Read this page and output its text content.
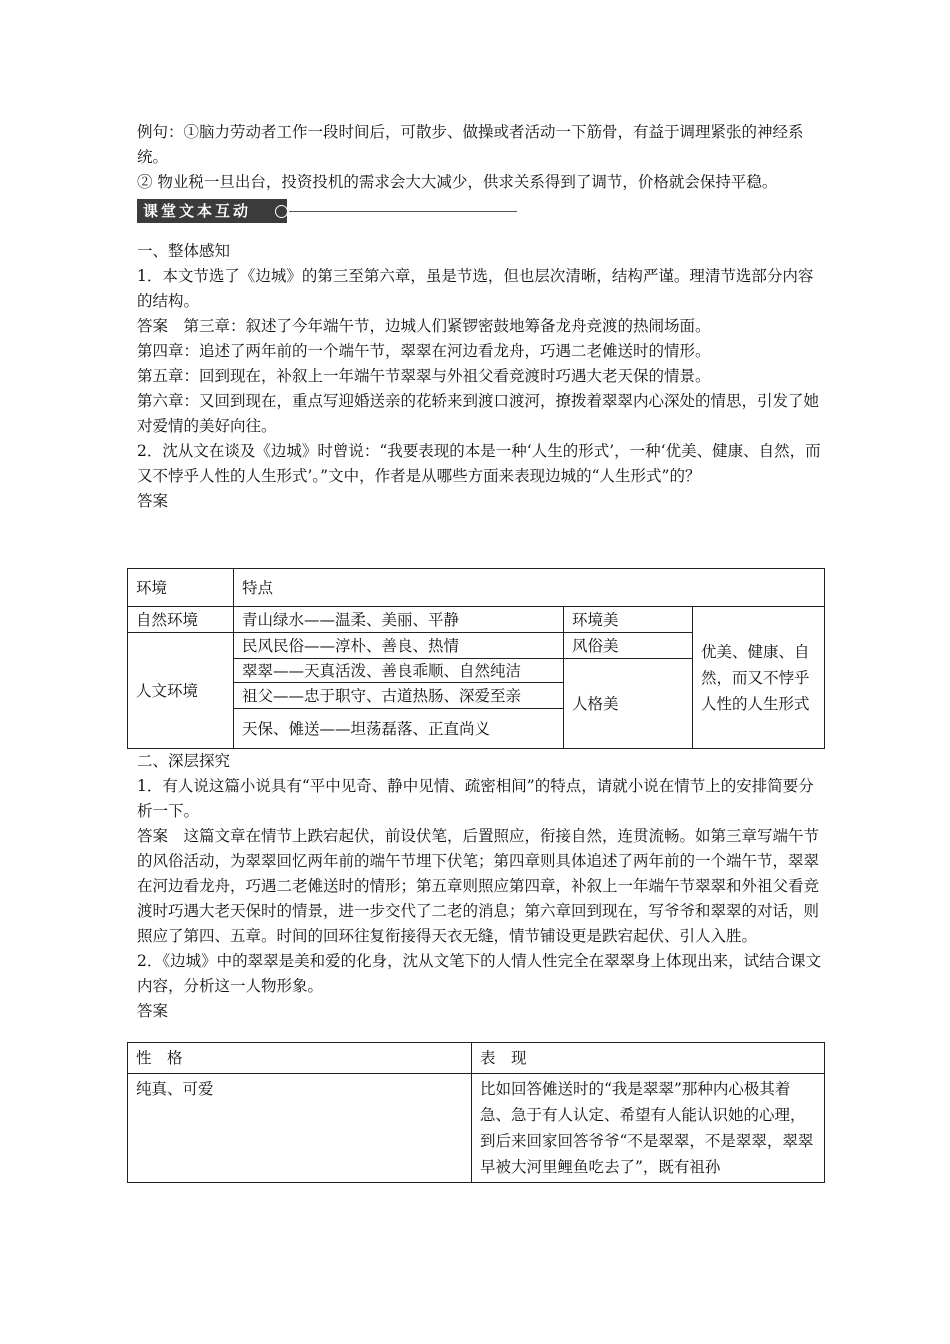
例句：①脑力劳动者工作一段时间后，可散步、做操或者活动一下筋骨，有益于调理紧张的神经系统。

② 物业税一旦出台，投资投机的需求会大大减少，供求关系得到了调节，价格就会保持平稳。

课堂文本互动

一、整体感知

1．本文节选了《边城》的第三至第六章，虽是节选，但也层次清晰，结构严谨。理清节选部分内容的结构。

答案　第三章：叙述了今年端午节，边城人们紧锣密鼓地筹备龙舟竞渡的热闹场面。

第四章：追述了两年前的一个端午节，翠翠在河边看龙舟，巧遇二老傩送时的情形。

第五章：回到现在，补叙上一年端午节翠翠与外祖父看竞渡时巧遇大老天保的情景。

第六章：又回到现在，重点写迎婚送亲的花轿来到渡口渡河，撩拨着翠翠内心深处的情思，引发了她对爱情的美好向往。

2．沈从文在谈及《边城》时曾说：“我要表现的本是一种‘人生的形式’，一种‘优美、健康、自然，而又不悖乎人性的人生形式’。”文中，作者是从哪些方面来表现边城的“人生形式”的？

答案

环境	特点		
自然环境	青山绿水——温柔、美丽、平静	环境美	优美、健康、自然，而又不悖乎人性的人生形式
人文环境	民风民俗——淳朴、善良、热情	风俗美	
	翠翠——天真活泼、善良乖顺、自然纯洁	人格美	
	祖父——忠于职守、古道热肠、深爱至亲		
	天保、傩送——坦荡磊落、正直尚义		

二、深层探究

1．有人说这篇小说具有“平中见奇、静中见情、疏密相间”的特点，请就小说在情节上的安排简要分析一下。

答案　这篇文章在情节上跌宕起伏，前设伏笔，后置照应，衔接自然，连贯流畅。如第三章写端午节的风俗活动，为翠翠回忆两年前的端午节埋下伏笔；第四章则具体追述了两年前的一个端午节，翠翠在河边看龙舟，巧遇二老傩送时的情形；第五章则照应第四章，补叙上一年端午节翠翠和外祖父看竞渡时巧遇大老天保时的情景，进一步交代了二老的消息；第六章回到现在，写爷爷和翠翠的对话，则照应了第四、五章。时间的回环往复衔接得天衣无缝，情节铺设更是跌宕起伏、引人入胜。

2．《边城》中的翠翠是美和爱的化身，沈从文笔下的人情人性完全在翠翠身上体现出来，试结合课文内容，分析这一人物形象。

答案

性　格	表　现
纯真、可爱	比如回答傩送时的“我是翠翠”那种内心极其着急、急于有人认定、希望有人能认识她的心理，到后来回家回答爷爷“不是翠翠，不是翠翠，翠翠早被大河里鲤鱼吃去了”，既有祖孙
